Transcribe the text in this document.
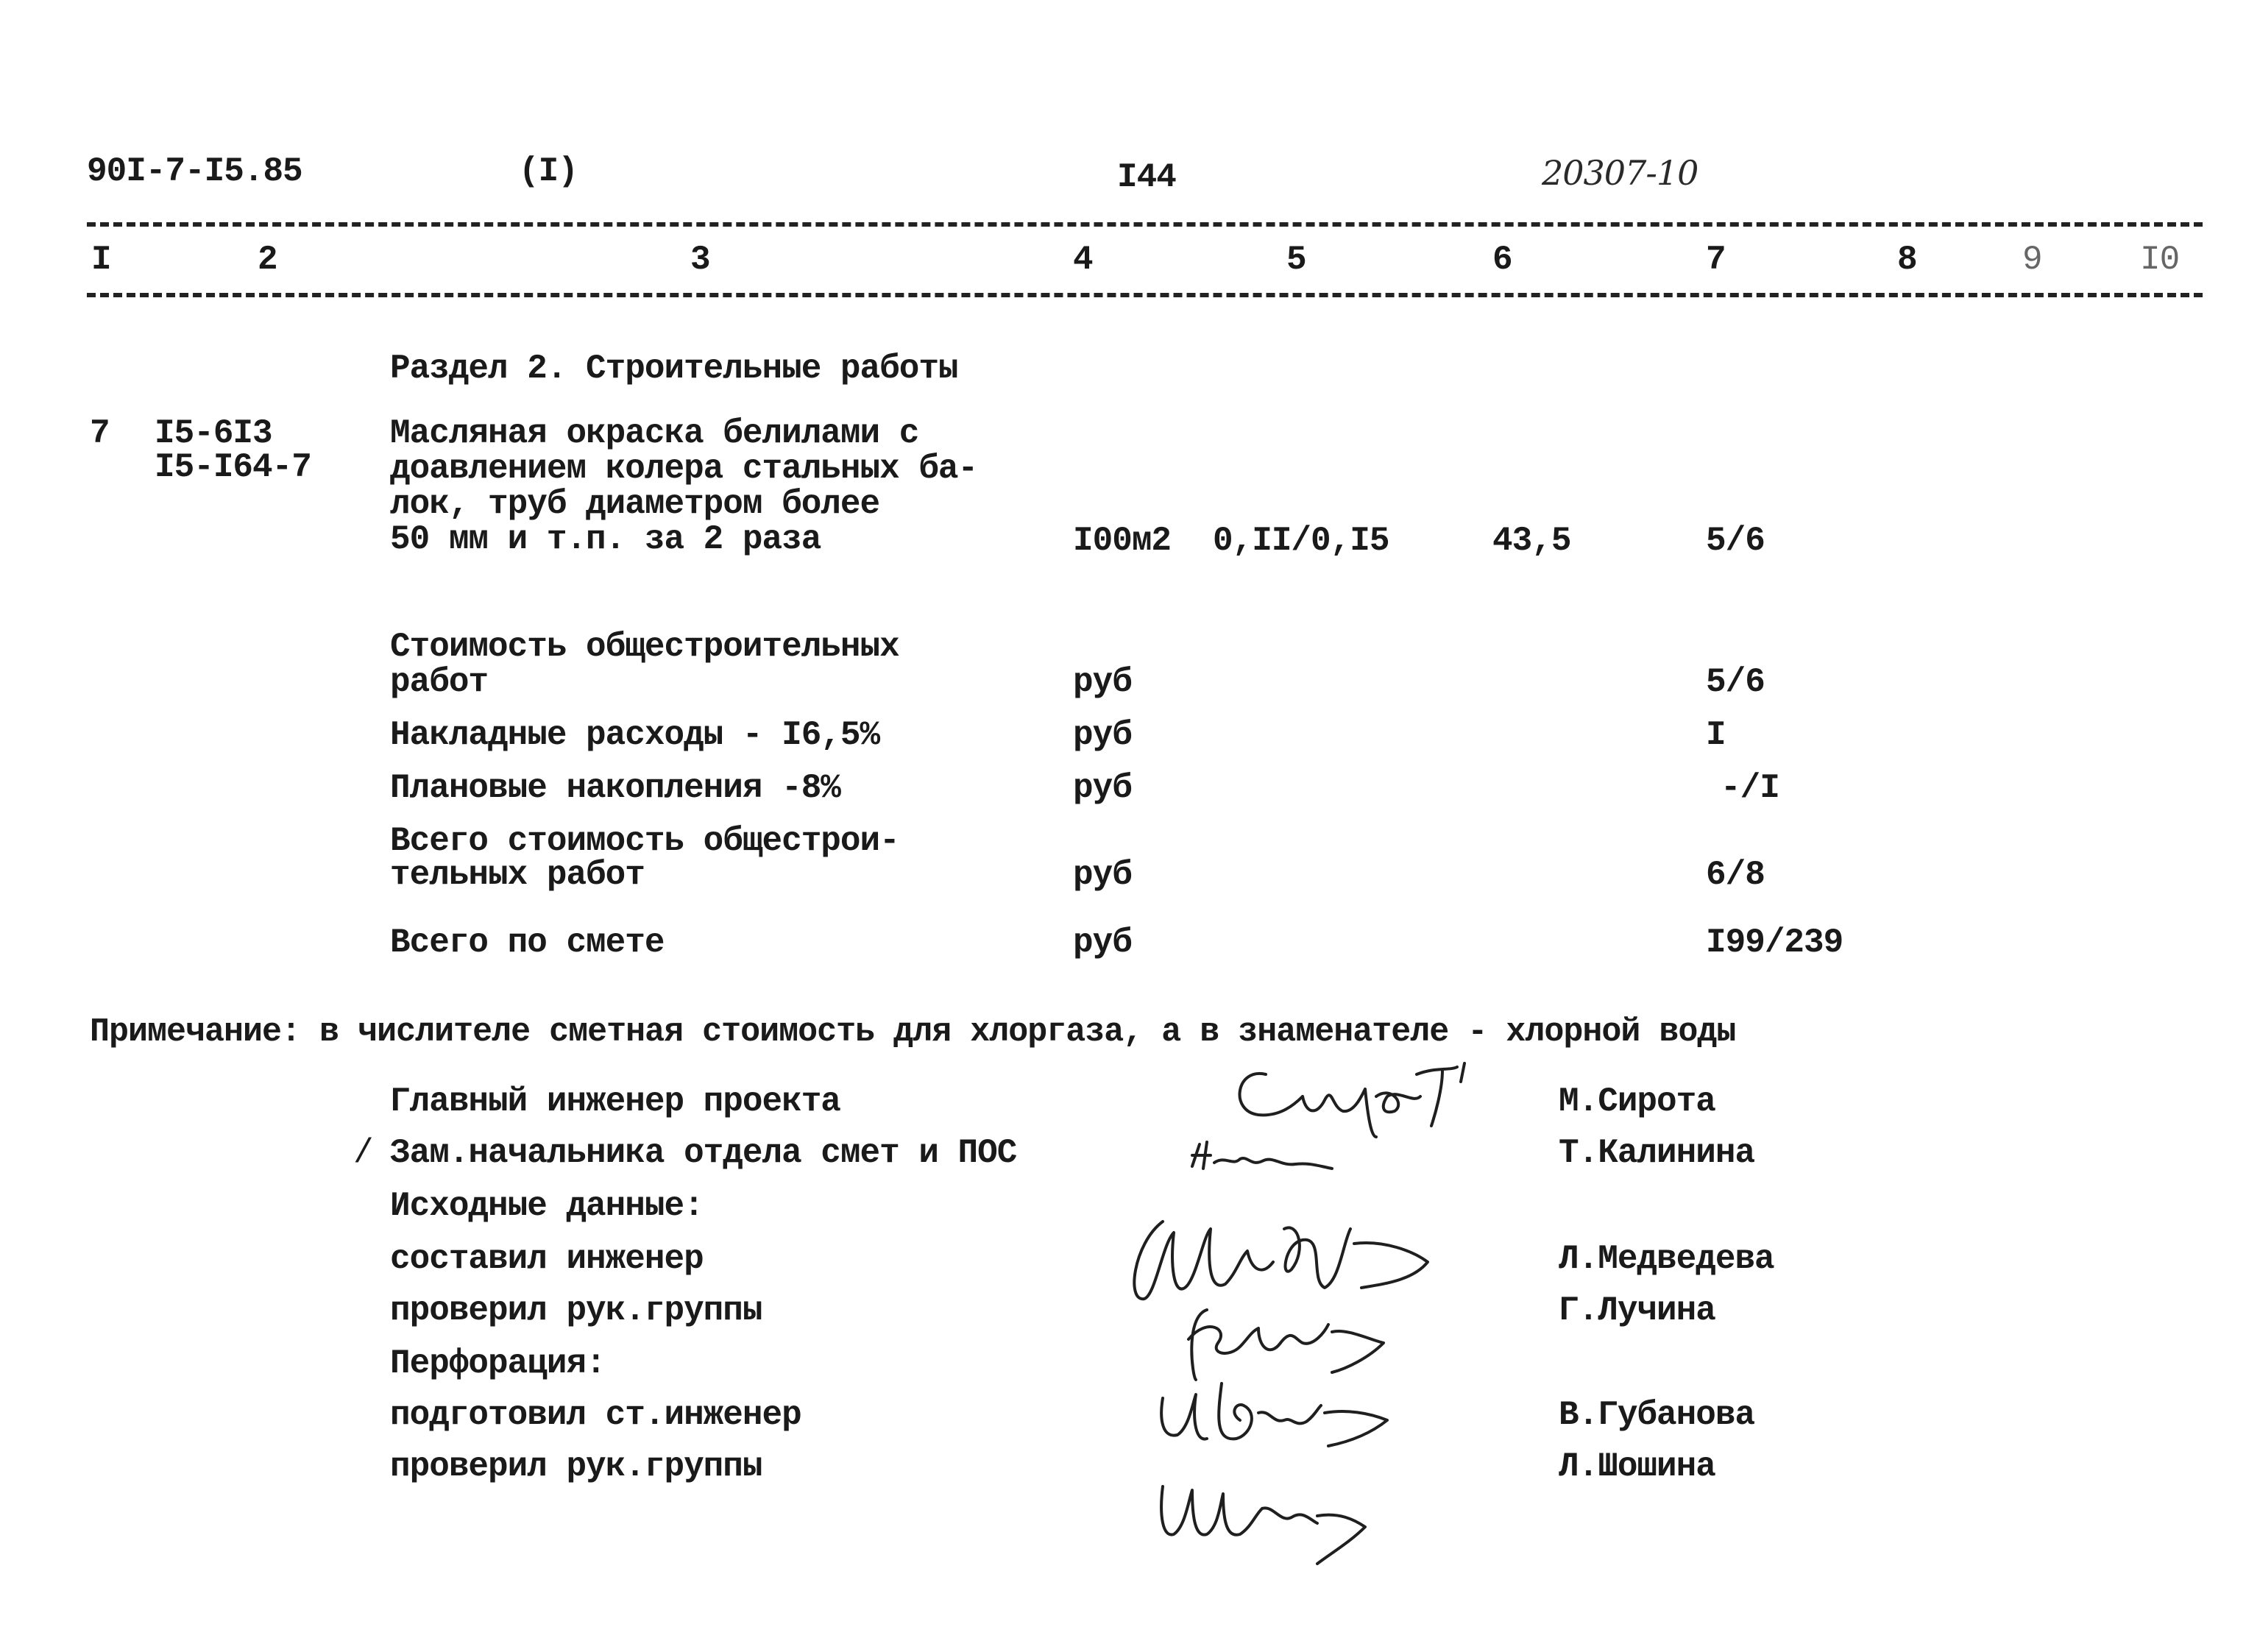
90I-7-I5.85	(I)	I44	20307-10
I	2	3	4	5	6	7	8	9	I0
Раздел 2. Строительные работы
7 I5-6I3
I5-I64-7
Масляная окраска белилами с
доавлением колера стальных ба-
лок, труб диаметром более
50 мм и т.п. за 2 раза	I00м2 0,II/0,I5	43,5	5/6
Стоимость общестроительных
работ	руб	5/6
Накладные расходы - I6,5%	руб	I
Плановые накопления -8%	руб	-/I
Всего стоимость общестрои-
тельных работ	руб	6/8
Всего по смете	руб	I99/239
Примечание: в числителе сметная стоимость для хлоргаза, а в знаменателе - хлорной воды
Главный инженер проекта	М.Сирота
/ Зам.начальника отдела смет и ПОС	Т.Калинина
Исходные данные:
составил инженер	Л.Медведева
проверил рук.группы	Г.Лучина
Перфорация:
подготовил ст.инженер	В.Губанова
проверил рук.группы	Л.Шошина
